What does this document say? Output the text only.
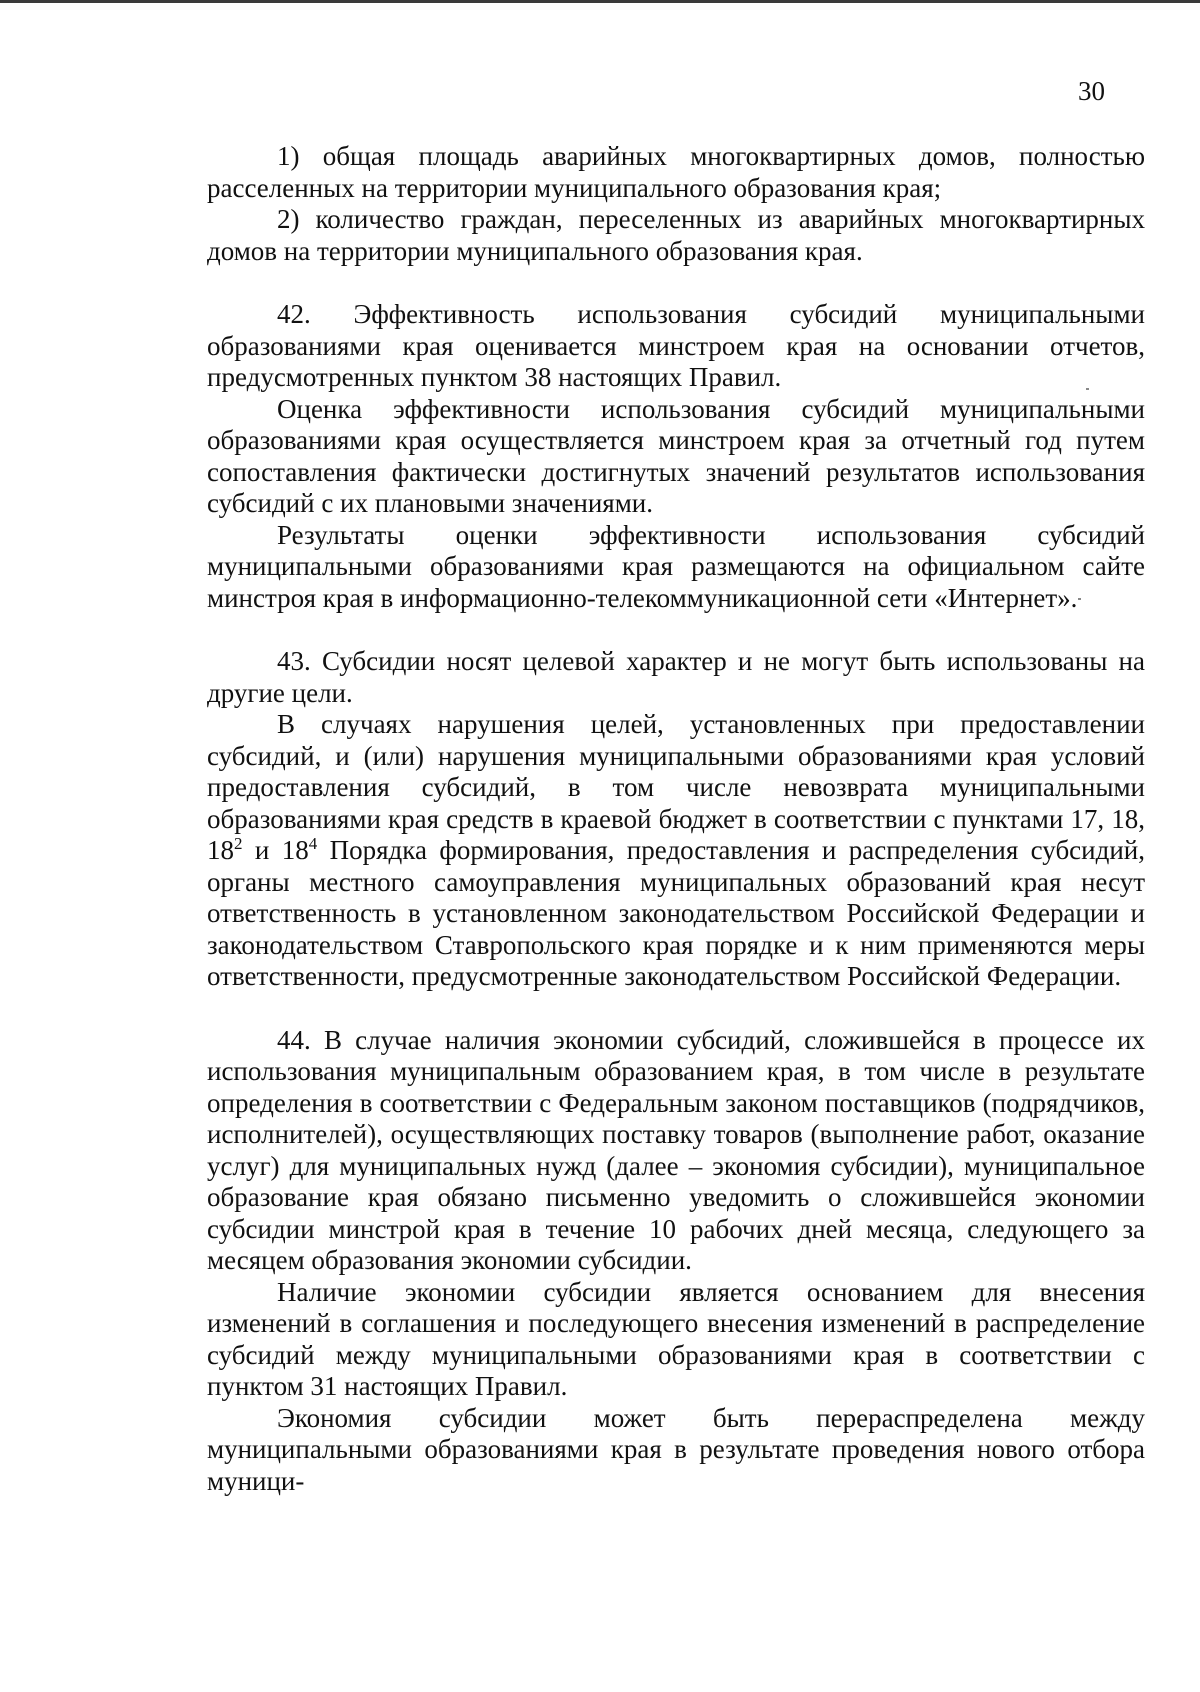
30

1) общая площадь аварийных многоквартирных домов, полностью расселенных на территории муниципального образования края;

2) количество граждан, переселенных из аварийных многоквартирных домов на территории муниципального образования края.

42. Эффективность использования субсидий муниципальными образованиями края оценивается минстроем края на основании отчетов, предусмотренных пунктом 38 настоящих Правил.

Оценка эффективности использования субсидий муниципальными образованиями края осуществляется минстроем края за отчетный год путем сопоставления фактически достигнутых значений результатов использования субсидий с их плановыми значениями.

Результаты оценки эффективности использования субсидий муниципальными образованиями края размещаются на официальном сайте минстроя края в информационно-телекоммуникационной сети «Интернет».

43. Субсидии носят целевой характер и не могут быть использованы на другие цели.

В случаях нарушения целей, установленных при предоставлении субсидий, и (или) нарушения муниципальными образованиями края условий предоставления субсидий, в том числе невозврата муниципальными образованиями края средств в краевой бюджет в соответствии с пунктами 17, 18, $18^2$ и $18^4$ Порядка формирования, предоставления и распределения субсидий, органы местного самоуправления муниципальных образований края несут ответственность в установленном законодательством Российской Федерации и законодательством Ставропольского края порядке и к ним применяются меры ответственности, предусмотренные законодательством Российской Федерации.

44. В случае наличия экономии субсидий, сложившейся в процессе их использования муниципальным образованием края, в том числе в результате определения в соответствии с Федеральным законом поставщиков (подрядчиков, исполнителей), осуществляющих поставку товаров (выполнение работ, оказание услуг) для муниципальных нужд (далее – экономия субсидии), муниципальное образование края обязано письменно уведомить о сложившейся экономии субсидии минстрой края в течение 10 рабочих дней месяца, следующего за месяцем образования экономии субсидии.

Наличие экономии субсидии является основанием для внесения изменений в соглашения и последующего внесения изменений в распределение субсидий между муниципальными образованиями края в соответствии с пунктом 31 настоящих Правил.

Экономия субсидии может быть перераспределена между муниципальными образованиями края в результате проведения нового отбора муници-
